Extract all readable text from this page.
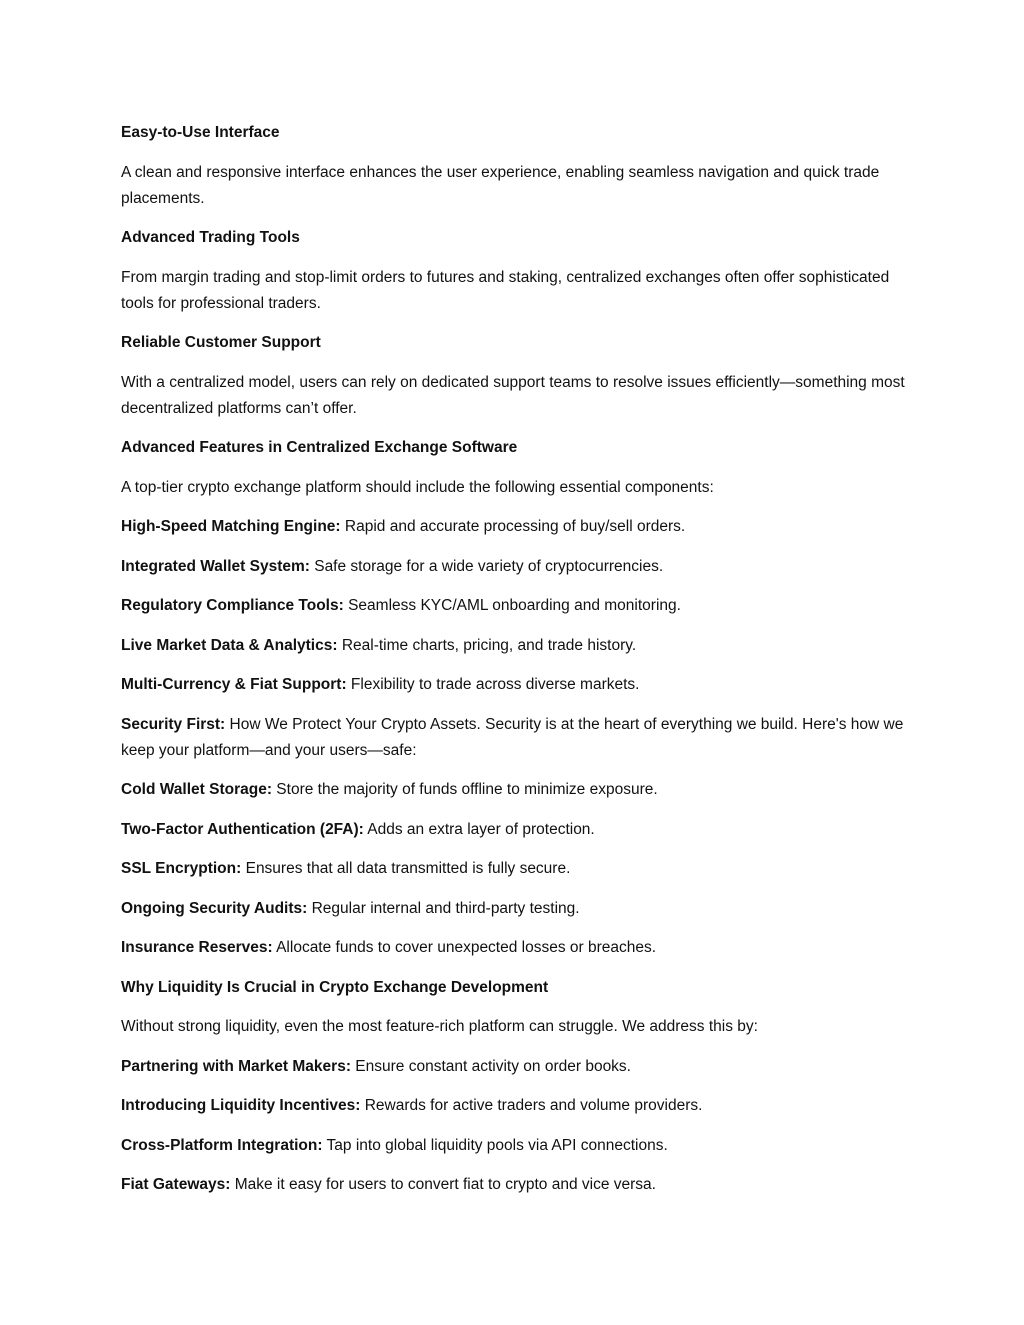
Easy-to-Use Interface

A clean and responsive interface enhances the user experience, enabling seamless navigation and quick trade placements.

Advanced Trading Tools

From margin trading and stop-limit orders to futures and staking, centralized exchanges often offer sophisticated tools for professional traders.

Reliable Customer Support

With a centralized model, users can rely on dedicated support teams to resolve issues efficiently—something most decentralized platforms can’t offer.

Advanced Features in Centralized Exchange Software

A top-tier crypto exchange platform should include the following essential components:

High-Speed Matching Engine: Rapid and accurate processing of buy/sell orders.

Integrated Wallet System: Safe storage for a wide variety of cryptocurrencies.

Regulatory Compliance Tools: Seamless KYC/AML onboarding and monitoring.

Live Market Data & Analytics: Real-time charts, pricing, and trade history.

Multi-Currency & Fiat Support: Flexibility to trade across diverse markets.

Security First: How We Protect Your Crypto Assets. Security is at the heart of everything we build. Here's how we keep your platform—and your users—safe:

Cold Wallet Storage: Store the majority of funds offline to minimize exposure.

Two-Factor Authentication (2FA): Adds an extra layer of protection.

SSL Encryption: Ensures that all data transmitted is fully secure.

Ongoing Security Audits: Regular internal and third-party testing.

Insurance Reserves: Allocate funds to cover unexpected losses or breaches.

Why Liquidity Is Crucial in Crypto Exchange Development

Without strong liquidity, even the most feature-rich platform can struggle. We address this by:

Partnering with Market Makers: Ensure constant activity on order books.

Introducing Liquidity Incentives: Rewards for active traders and volume providers.

Cross-Platform Integration: Tap into global liquidity pools via API connections.

Fiat Gateways: Make it easy for users to convert fiat to crypto and vice versa.
